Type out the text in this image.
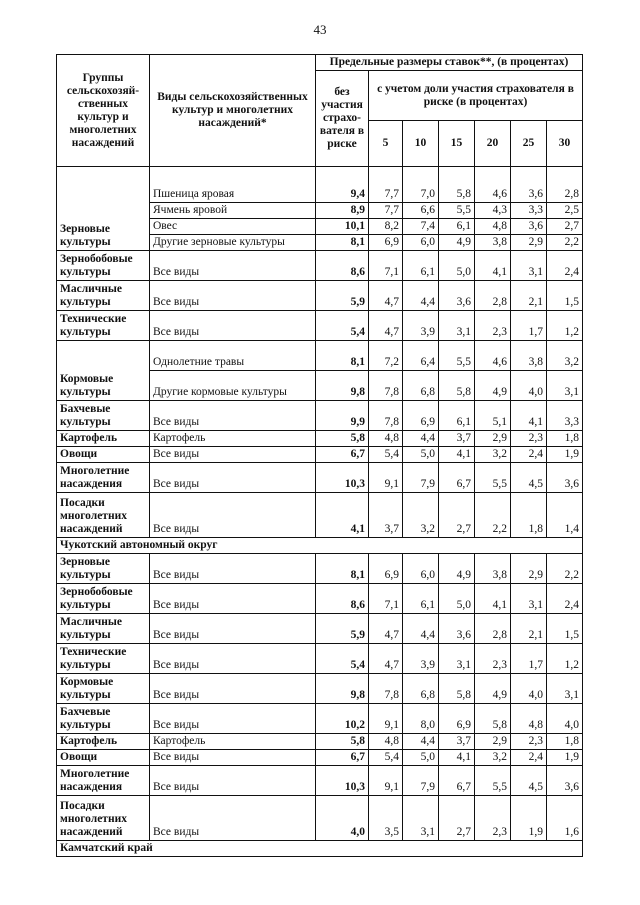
43
Группы сельскохозяй-ственных культур и многолетних насаждений	Виды сельскохозяйственных культур и многолетних насаждений*	Предельные размеры ставок**, (в процентах)						
		без участия страхо-вателя в риске	с учетом доли участия страхователя в риске (в процентах)					
			5	10	15	20	25	30
Зерновые культуры	Пшеница яровая	9,4	7,7	7,0	5,8	4,6	3,6	2,8
	Ячмень яровой	8,9	7,7	6,6	5,5	4,3	3,3	2,5
	Овес	10,1	8,2	7,4	6,1	4,8	3,6	2,7
	Другие зерновые культуры	8,1	6,9	6,0	4,9	3,8	2,9	2,2
Зернобобовые культуры	Все виды	8,6	7,1	6,1	5,0	4,1	3,1	2,4
Масличные культуры	Все виды	5,9	4,7	4,4	3,6	2,8	2,1	1,5
Технические культуры	Все виды	5,4	4,7	3,9	3,1	2,3	1,7	1,2
Кормовые культуры	Однолетние травы	8,1	7,2	6,4	5,5	4,6	3,8	3,2
	Другие кормовые культуры	9,8	7,8	6,8	5,8	4,9	4,0	3,1
Бахчевые культуры	Все виды	9,9	7,8	6,9	6,1	5,1	4,1	3,3
Картофель	Картофель	5,8	4,8	4,4	3,7	2,9	2,3	1,8
Овощи	Все виды	6,7	5,4	5,0	4,1	3,2	2,4	1,9
Многолетние насаждения	Все виды	10,3	9,1	7,9	6,7	5,5	4,5	3,6
Посадки многолетних насаждений	Все виды	4,1	3,7	3,2	2,7	2,2	1,8	1,4
Чукотский автономный округ								
Зерновые культуры	Все виды	8,1	6,9	6,0	4,9	3,8	2,9	2,2
Зернобобовые культуры	Все виды	8,6	7,1	6,1	5,0	4,1	3,1	2,4
Масличные культуры	Все виды	5,9	4,7	4,4	3,6	2,8	2,1	1,5
Технические культуры	Все виды	5,4	4,7	3,9	3,1	2,3	1,7	1,2
Кормовые культуры	Все виды	9,8	7,8	6,8	5,8	4,9	4,0	3,1
Бахчевые культуры	Все виды	10,2	9,1	8,0	6,9	5,8	4,8	4,0
Картофель	Картофель	5,8	4,8	4,4	3,7	2,9	2,3	1,8
Овощи	Все виды	6,7	5,4	5,0	4,1	3,2	2,4	1,9
Многолетние насаждения	Все виды	10,3	9,1	7,9	6,7	5,5	4,5	3,6
Посадки многолетних насаждений	Все виды	4,0	3,5	3,1	2,7	2,3	1,9	1,6
Камчатский край								
